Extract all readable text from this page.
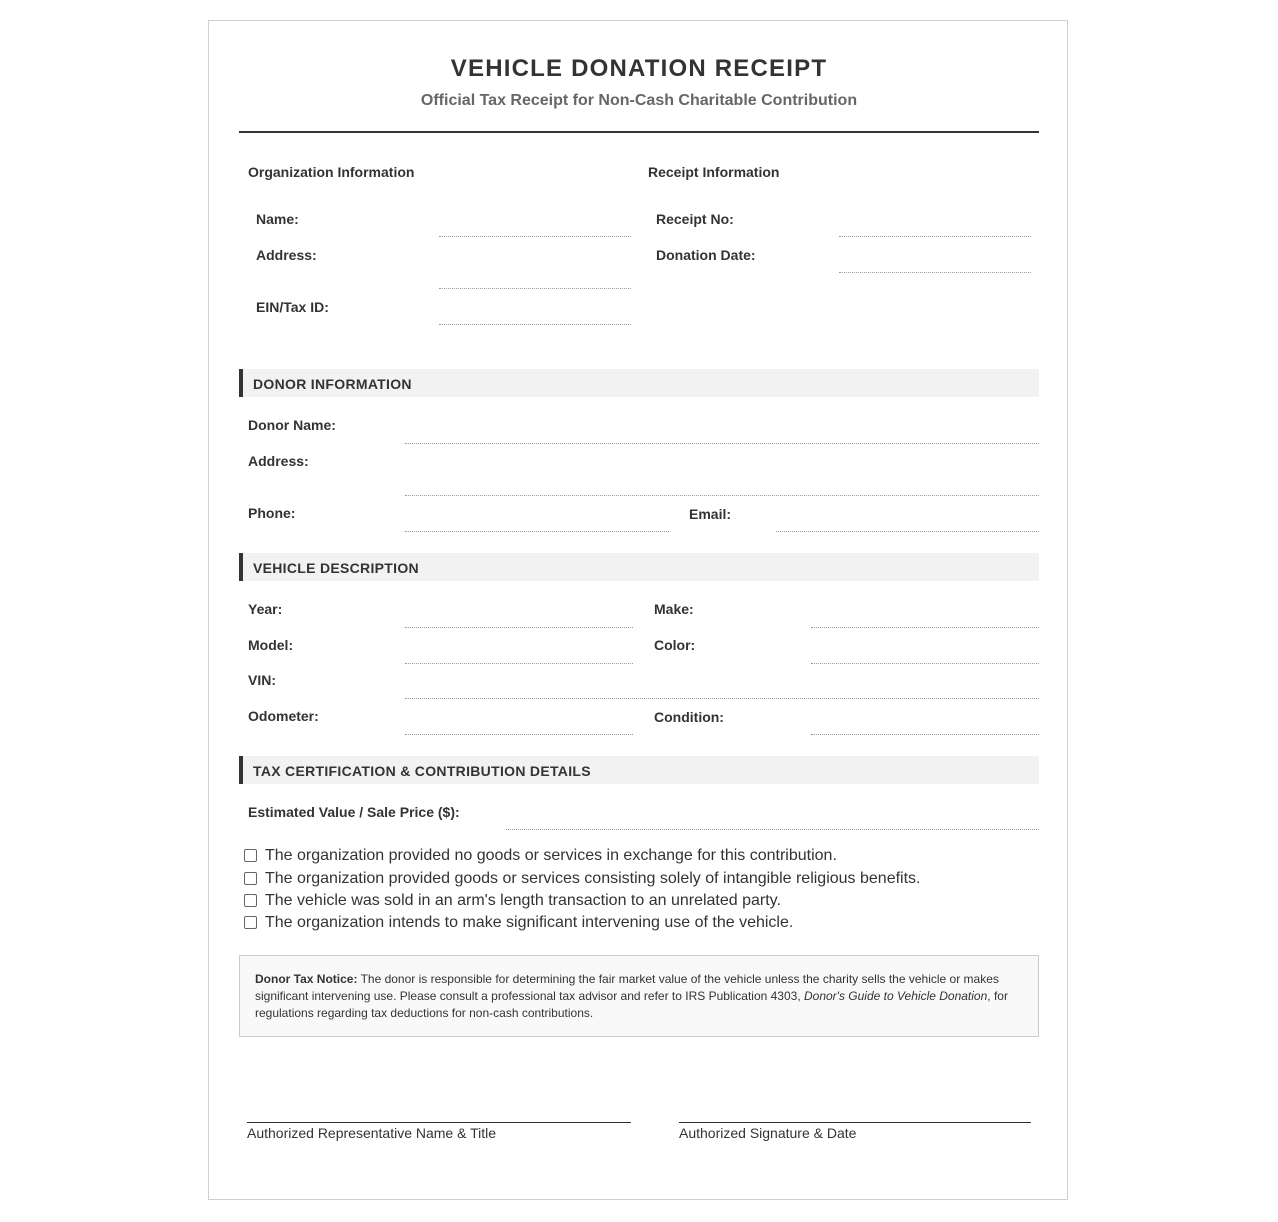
VEHICLE DONATION RECEIPT
Official Tax Receipt for Non-Cash Charitable Contribution
Organization Information
Name:
Address:
EIN/Tax ID:
Receipt Information
Receipt No:
Donation Date:
DONOR INFORMATION
Donor Name:
Address:
Phone:	Email:
VEHICLE DESCRIPTION
Year:	Make:
Model:	Color:
VIN:
Odometer:	Condition:
TAX CERTIFICATION & CONTRIBUTION DETAILS
Estimated Value / Sale Price ($):
The organization provided no goods or services in exchange for this contribution.
The organization provided goods or services consisting solely of intangible religious benefits.
The vehicle was sold in an arm's length transaction to an unrelated party.
The organization intends to make significant intervening use of the vehicle.
Donor Tax Notice: The donor is responsible for determining the fair market value of the vehicle unless the charity sells the vehicle or makes significant intervening use. Please consult a professional tax advisor and refer to IRS Publication 4303, Donor's Guide to Vehicle Donation, for regulations regarding tax deductions for non-cash contributions.
Authorized Representative Name & Title	Authorized Signature & Date
